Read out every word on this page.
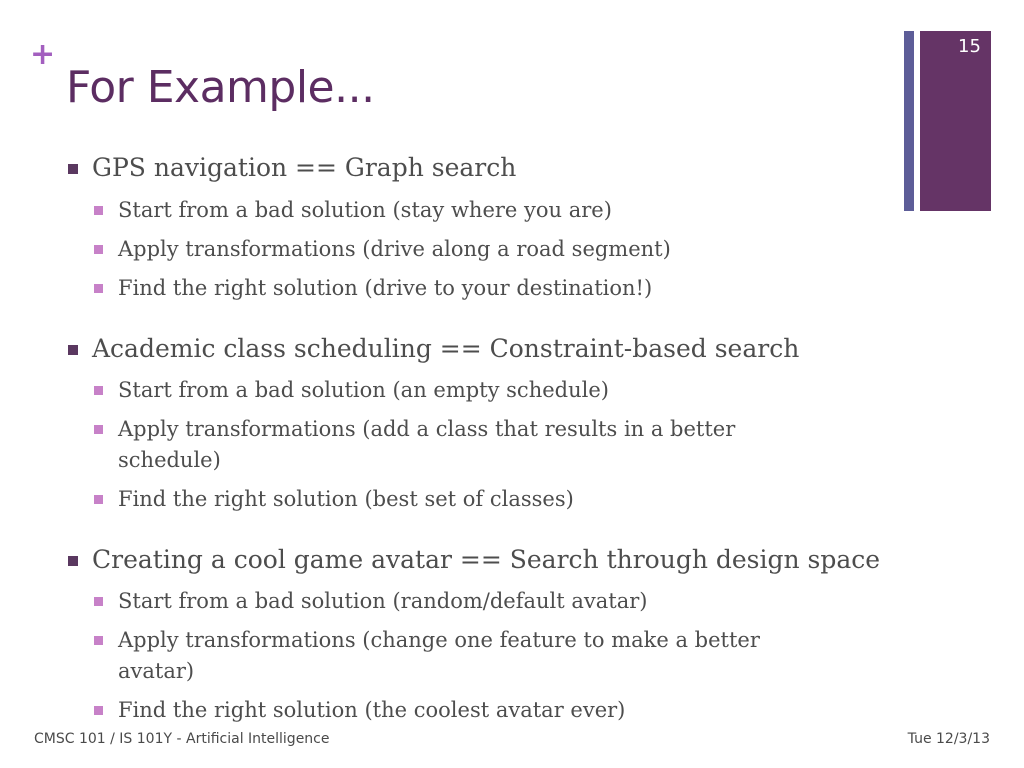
+
For Example...
15
GPS navigation == Graph search
Start from a bad solution (stay where you are)
Apply transformations (drive along a road segment)
Find the right solution (drive to your destination!)
Academic class scheduling == Constraint-based search
Start from a bad solution (an empty schedule)
Apply transformations (add a class that results in a better schedule)
Find the right solution (best set of classes)
Creating a cool game avatar == Search through design space
Start from a bad solution (random/default avatar)
Apply transformations (change one feature to make a better avatar)
Find the right solution (the coolest avatar ever)
CMSC 101 / IS 101Y - Artificial Intelligence	Tue 12/3/13
